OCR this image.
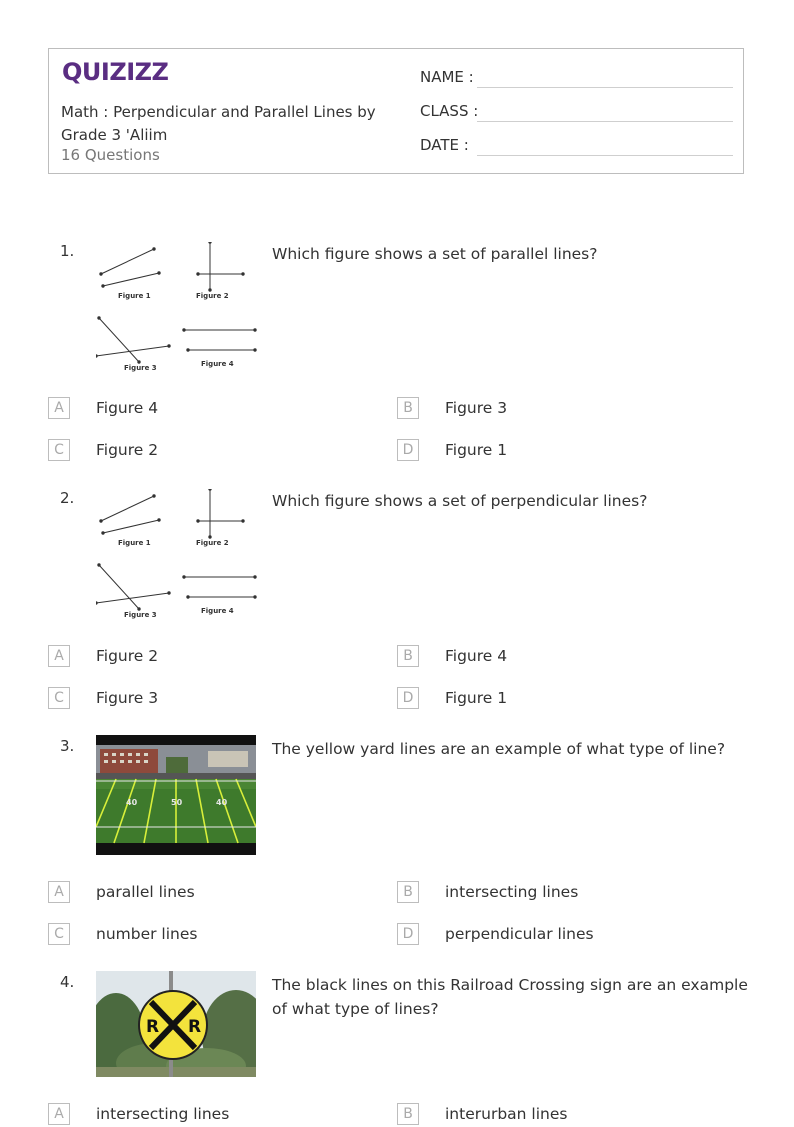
QUIZIZZ
Math : Perpendicular and Parallel Lines by Grade 3 'Aliim
16 Questions
NAME :
CLASS :
DATE :
1.
Figure 1	Figure 2
Figure 3	Figure 4
Which figure shows a set of parallel lines?
A	Figure 4	B	Figure 3
C	Figure 2	D	Figure 1
2.
Figure 1	Figure 2
Figure 3	Figure 4
Which figure shows a set of perpendicular lines?
A	Figure 2	B	Figure 4
C	Figure 3	D	Figure 1
3.
40	50	40
The yellow yard lines are an example of what type of line?
A	parallel lines	B	intersecting lines
C	number lines	D	perpendicular lines
4.
R R
The black lines on this Railroad Crossing sign are an example of what type of lines?
A	intersecting lines	B	interurban lines
